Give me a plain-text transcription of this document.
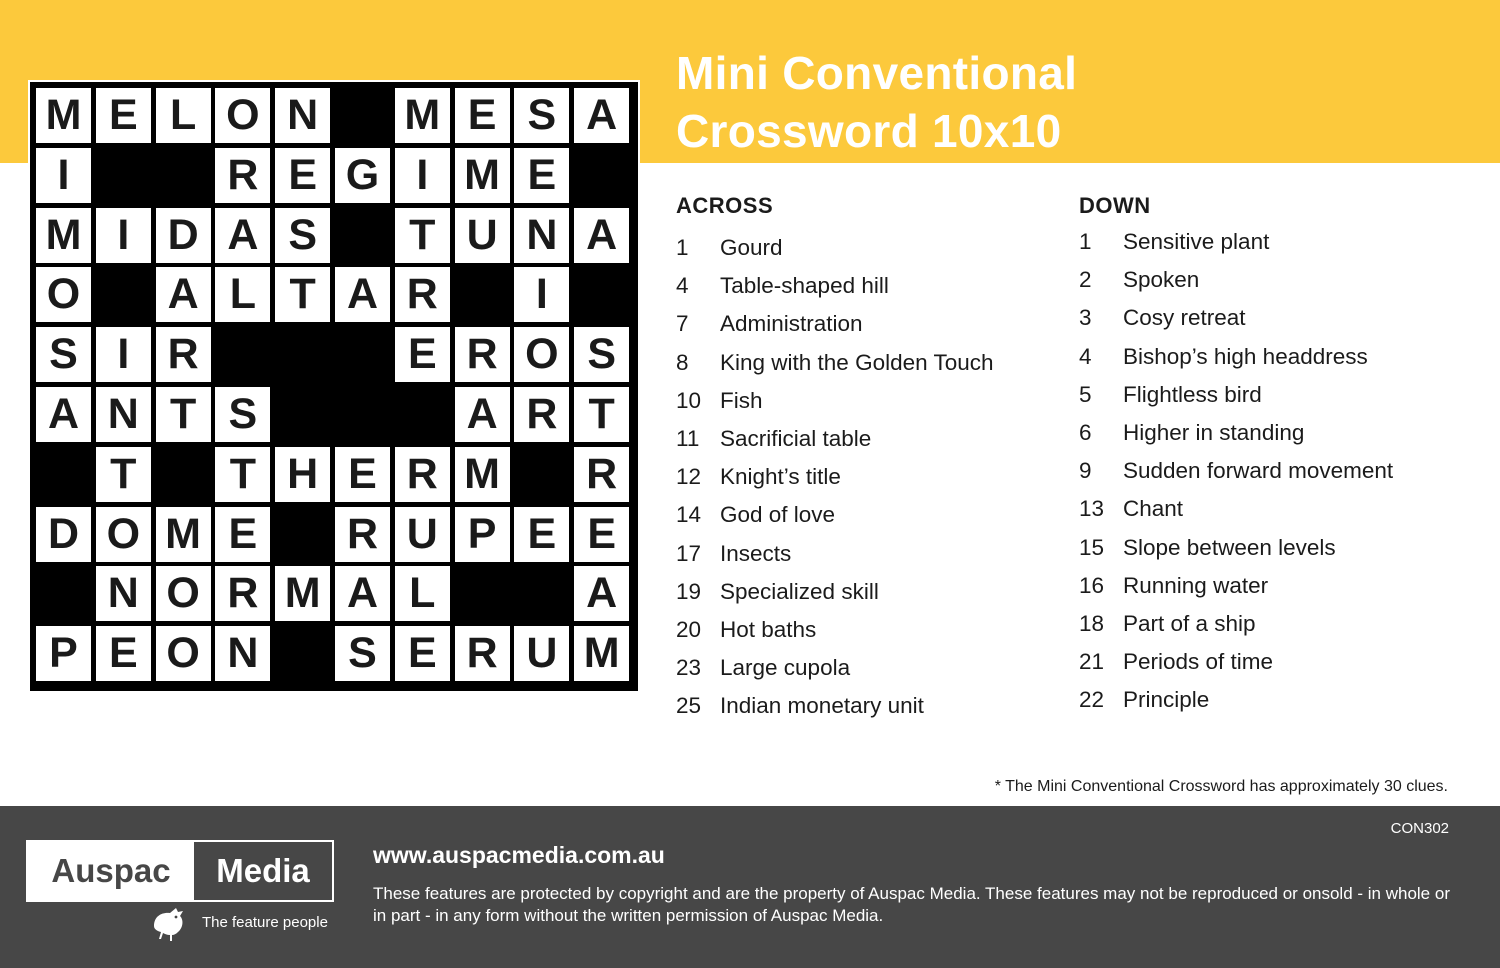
Mini Conventional
Crossword 10x10
M E L O N M E S A
I	R E G I M E
M I D A S	T U N A
O A L T A R	I
S I R	E R O S
A N T S	A R T
T	T H E R M R
D O M E	R U P E E
N O R M A L	A
P E O N	S E R U M
ACROSS
1 Gourd
4 Table-shaped hill
7 Administration
8 King with the Golden Touch
10 Fish
11 Sacrificial table
12 Knight’s title
14 God of love
17 Insects
19 Specialized skill
20 Hot baths
23 Large cupola
25 Indian monetary unit
DOWN
1 Sensitive plant
2 Spoken
3 Cosy retreat
4 Bishop’s high headdress
5 Flightless bird
6 Higher in standing
9 Sudden forward movement
13 Chant
15 Slope between levels
16 Running water
18 Part of a ship
21 Periods of time
22 Principle
* The Mini Conventional Crossword has approximately 30 clues.
CON302
Auspac	Media
The feature people
www.auspacmedia.com.au
These features are protected by copyright and are the property of Auspac Media. These features may not be reproduced or onsold - in whole or in part - in any form without the written permission of Auspac Media.
